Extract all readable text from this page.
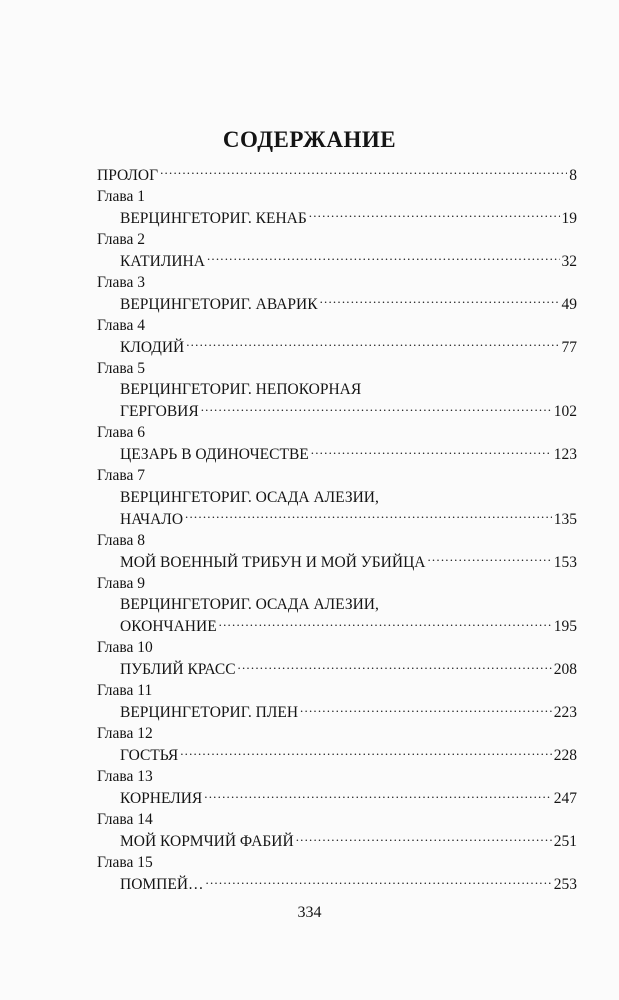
СОДЕРЖАНИЕ
ПРОЛОГ .....	8
Глава 1
ВЕРЦИНГЕТОРИГ. КЕНАБ .....	19
Глава 2
КАТИЛИНА .....	32
Глава 3
ВЕРЦИНГЕТОРИГ. АВАРИК .....	49
Глава 4
КЛОДИЙ .....	77
Глава 5
ВЕРЦИНГЕТОРИГ. НЕПОКОРНАЯ
ГЕРГОВИЯ .....	102
Глава 6
ЦЕЗАРЬ В ОДИНОЧЕСТВЕ .....	123
Глава 7
ВЕРЦИНГЕТОРИГ. ОСАДА АЛЕЗИИ,
НАЧАЛО .....	135
Глава 8
МОЙ ВОЕННЫЙ ТРИБУН И МОЙ УБИЙЦА .....	153
Глава 9
ВЕРЦИНГЕТОРИГ. ОСАДА АЛЕЗИИ,
ОКОНЧАНИЕ .....	195
Глава 10
ПУБЛИЙ КРАСС .....	208
Глава 11
ВЕРЦИНГЕТОРИГ. ПЛЕН .....	223
Глава 12
ГОСТЬЯ .....	228
Глава 13
КОРНЕЛИЯ .....	247
Глава 14
МОЙ КОРМЧИЙ ФАБИЙ .....	251
Глава 15
ПОМПЕЙ… .....	253
334
